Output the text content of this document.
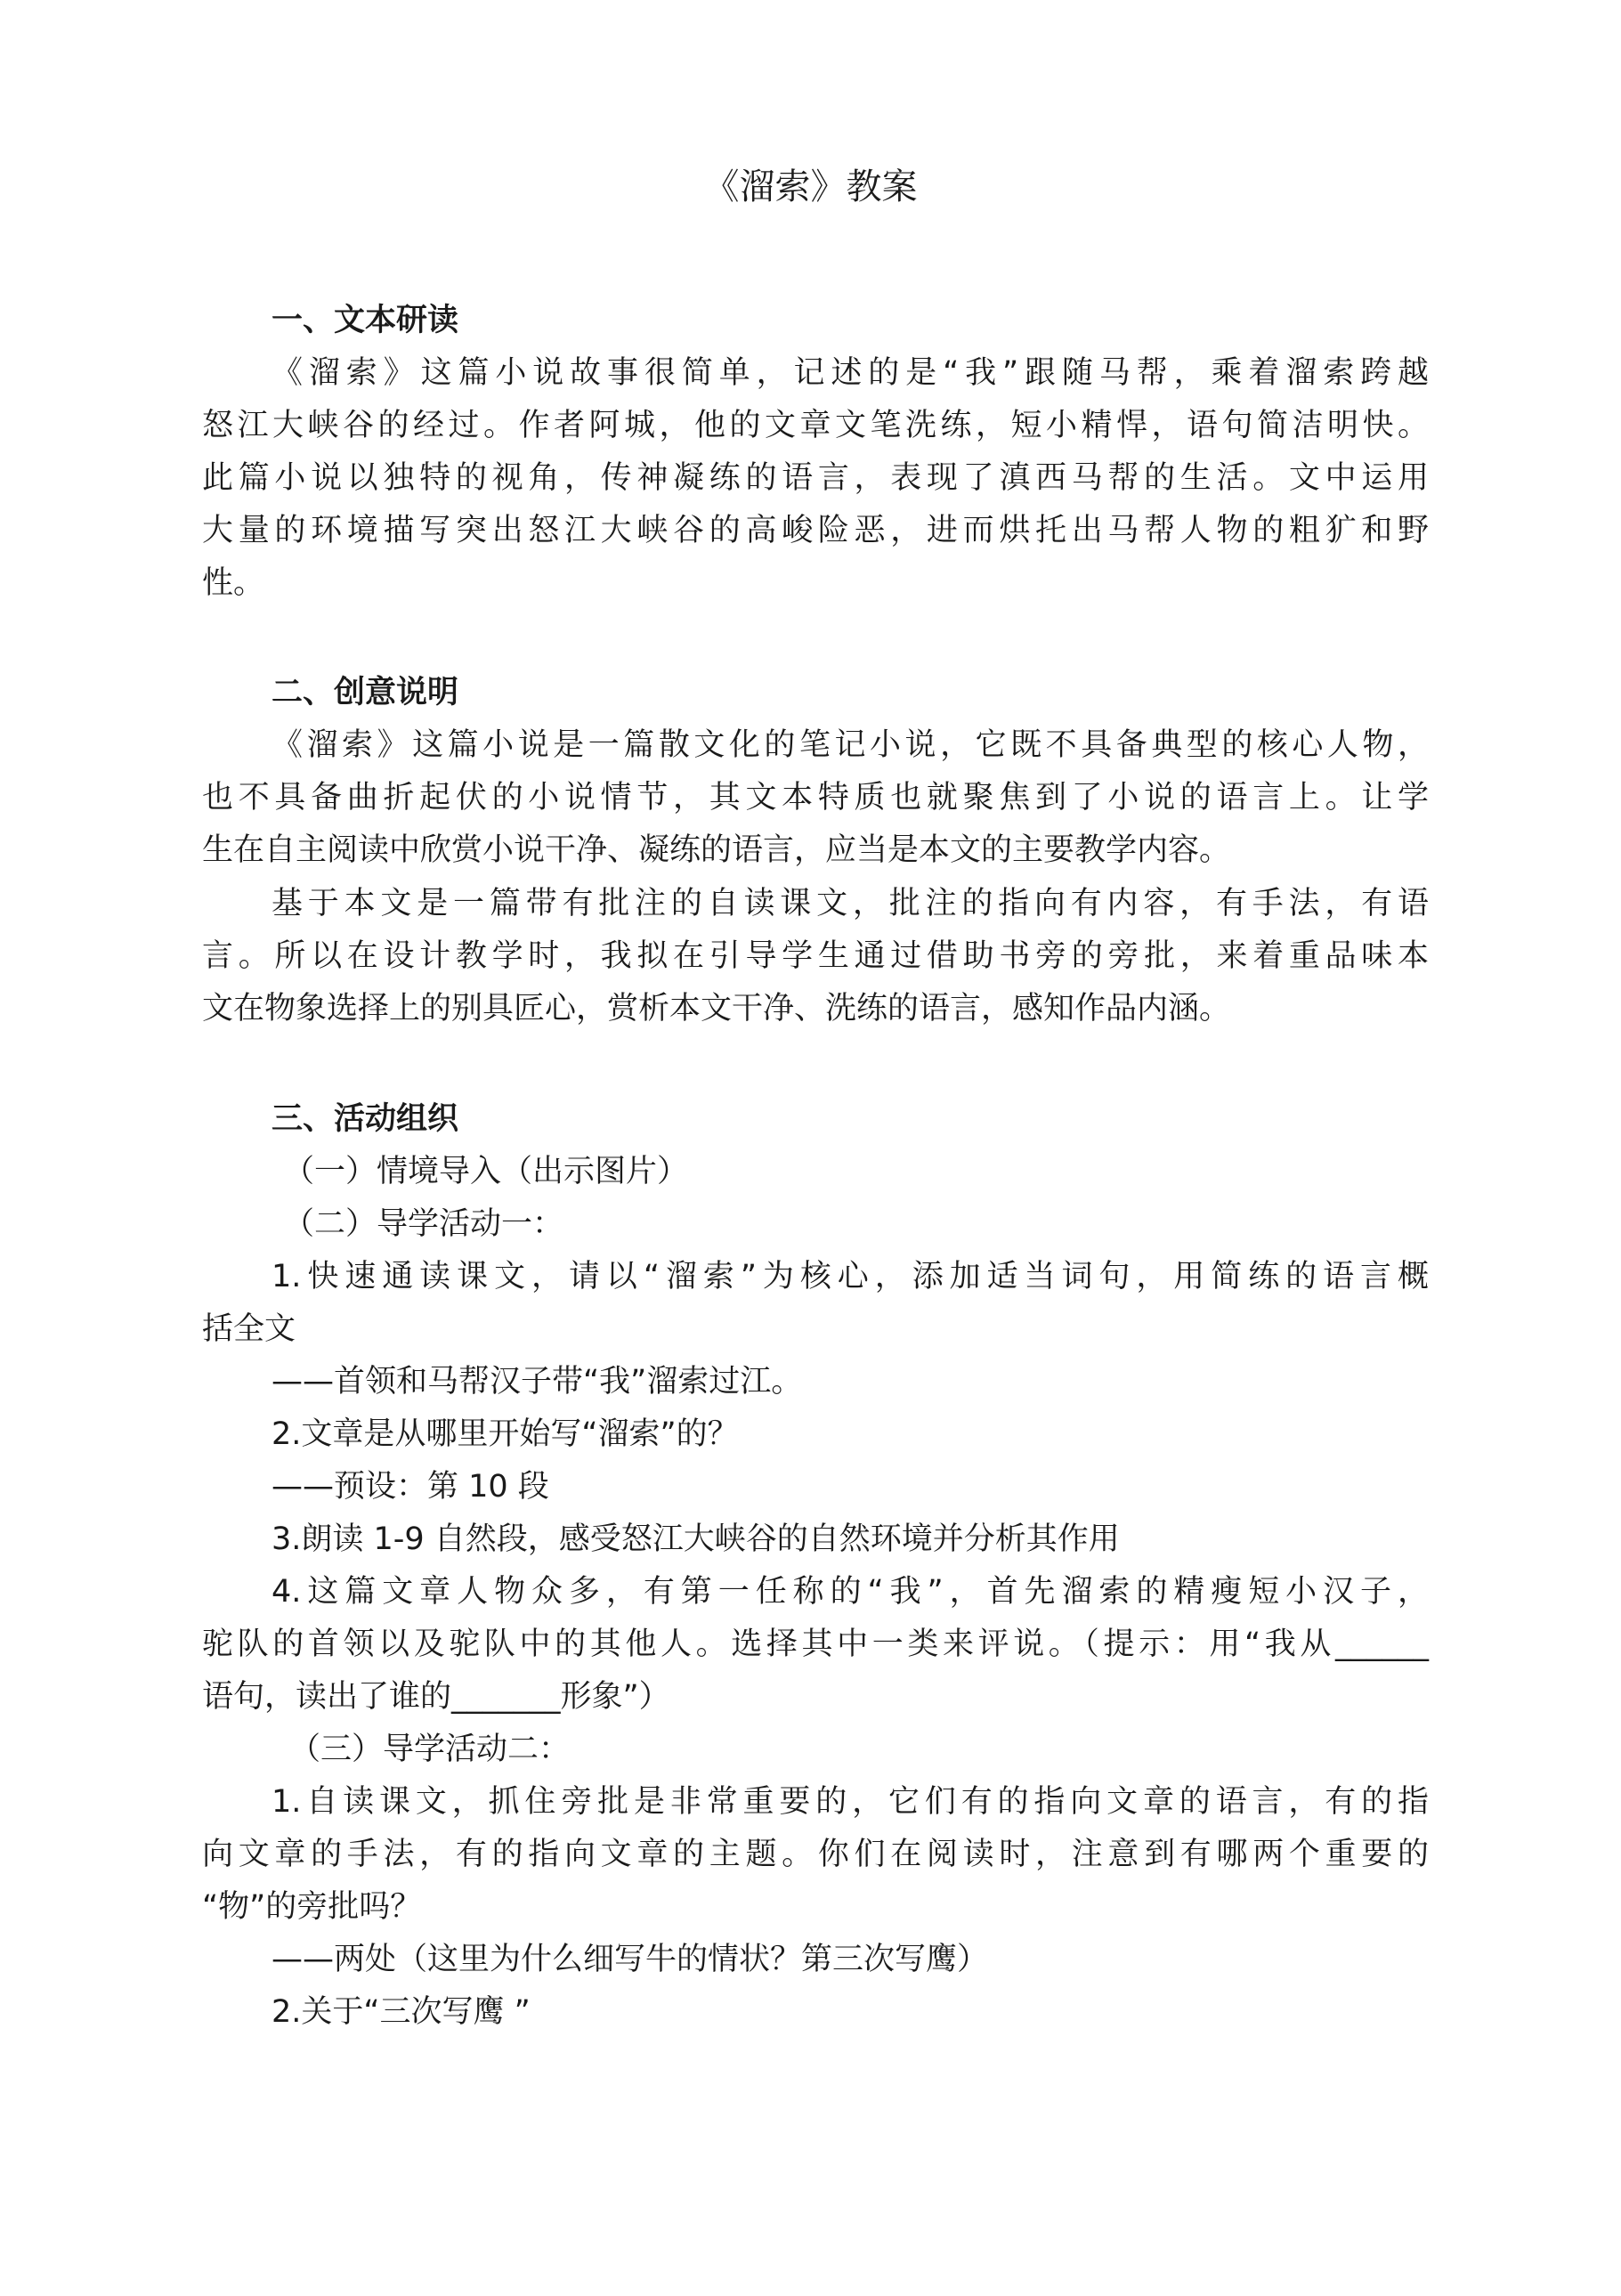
《溜索》教案
一、文本研读
《溜索》这篇小说故事很简单，记述的是“我”跟随马帮，乘着溜索跨越
怒江大峡谷的经过。作者阿城，他的文章文笔洗练，短小精悍，语句简洁明快。
此篇小说以独特的视角，传神凝练的语言，表现了滇西马帮的生活。文中运用
大量的环境描写突出怒江大峡谷的高峻险恶，进而烘托出马帮人物的粗犷和野
性。
二、创意说明
《溜索》这篇小说是一篇散文化的笔记小说，它既不具备典型的核心人物，
也不具备曲折起伏的小说情节，其文本特质也就聚焦到了小说的语言上。让学
生在自主阅读中欣赏小说干净、凝练的语言，应当是本文的主要教学内容。
基于本文是一篇带有批注的自读课文，批注的指向有内容，有手法，有语
言。所以在设计教学时，我拟在引导学生通过借助书旁的旁批，来着重品味本
文在物象选择上的别具匠心，赏析本文干净、洗练的语言，感知作品内涵。
三、活动组织
（一）情境导入（出示图片）
（二）导学活动一：
1.快速通读课文，请以“溜索”为核心，添加适当词句，用简练的语言概
括全文
——首领和马帮汉子带“我”溜索过江。
2.文章是从哪里开始写“溜索”的？
——预设：第 10 段
3.朗读 1-9 自然段，感受怒江大峡谷的自然环境并分析其作用
4.这篇文章人物众多，有第一任称的“我”，首先溜索的精瘦短小汉子，
驼队的首领以及驼队中的其他人。选择其中一类来评说。（提示：用“我从______
语句，读出了谁的_______形象”）
（三）导学活动二：
1.自读课文，抓住旁批是非常重要的，它们有的指向文章的语言，有的指
向文章的手法，有的指向文章的主题。你们在阅读时，注意到有哪两个重要的
“物”的旁批吗？
——两处（这里为什么细写牛的情状？第三次写鹰）
2.关于“三次写鹰 ”
